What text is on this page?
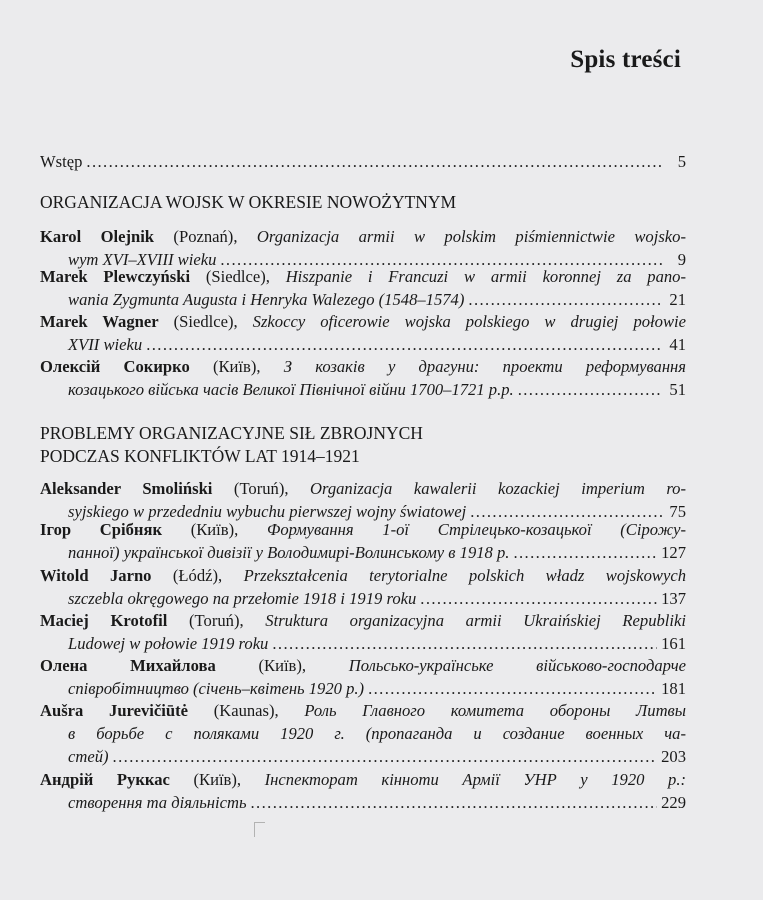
Spis treści
Wstęp .....	5
ORGANIZACJA WOJSK W OKRESIE NOWOŻYTNYM
Karol Olejnik (Poznań), Organizacja armii w polskim piśmiennictwie wojsko-
wym XVI–XVIII wieku .....	9
Marek Plewczyński (Siedlce), Hiszpanie i Francuzi w armii koronnej za pano-
wania Zygmunta Augusta i Henryka Walezego (1548–1574) .....	21
Marek Wagner (Siedlce), Szkoccy oficerowie wojska polskiego w drugiej połowie
XVII wieku .....	41
Олексій Сокирко (Київ), З козаків у драгуни: проекти реформування
козацького війська часів Великої Північної війни 1700–1721 р.р. .....	51
PROBLEMY ORGANIZACYJNE SIŁ ZBROJNYCH
PODCZAS KONFLIKTÓW LAT 1914–1921
Aleksander Smoliński (Toruń), Organizacja kawalerii kozackiej imperium ro-
syjskiego w przededniu wybuchu pierwszej wojny światowej .....	75
Ігор Срібняк (Київ), Формування 1-ої Стрілецько-козацької (Сірожу-
панної) української дивізії у Володимирі-Волинському в 1918 р. .....	127
Witold Jarno (Łódź), Przekształcenia terytorialne polskich władz wojskowych
szczebla okręgowego na przełomie 1918 i 1919 roku .....	137
Maciej Krotofil (Toruń), Struktura organizacyjna armii Ukraińskiej Republiki
Ludowej w połowie 1919 roku .....	161
Олена Михайлова (Київ), Польсько-українське військово-господарче
співробітництво (січень–квітень 1920 р.) .....	181
Aušra Jurevičiūtė (Kaunas), Роль Главного комитета обороны Литвы
в борьбе с поляками 1920 г. (пропаганда и создание военных ча-
стей) .....	203
Андрій Руккас (Київ), Інспекторат кінноти Армії УНР у 1920 р.:
створення та діяльність .....	229
